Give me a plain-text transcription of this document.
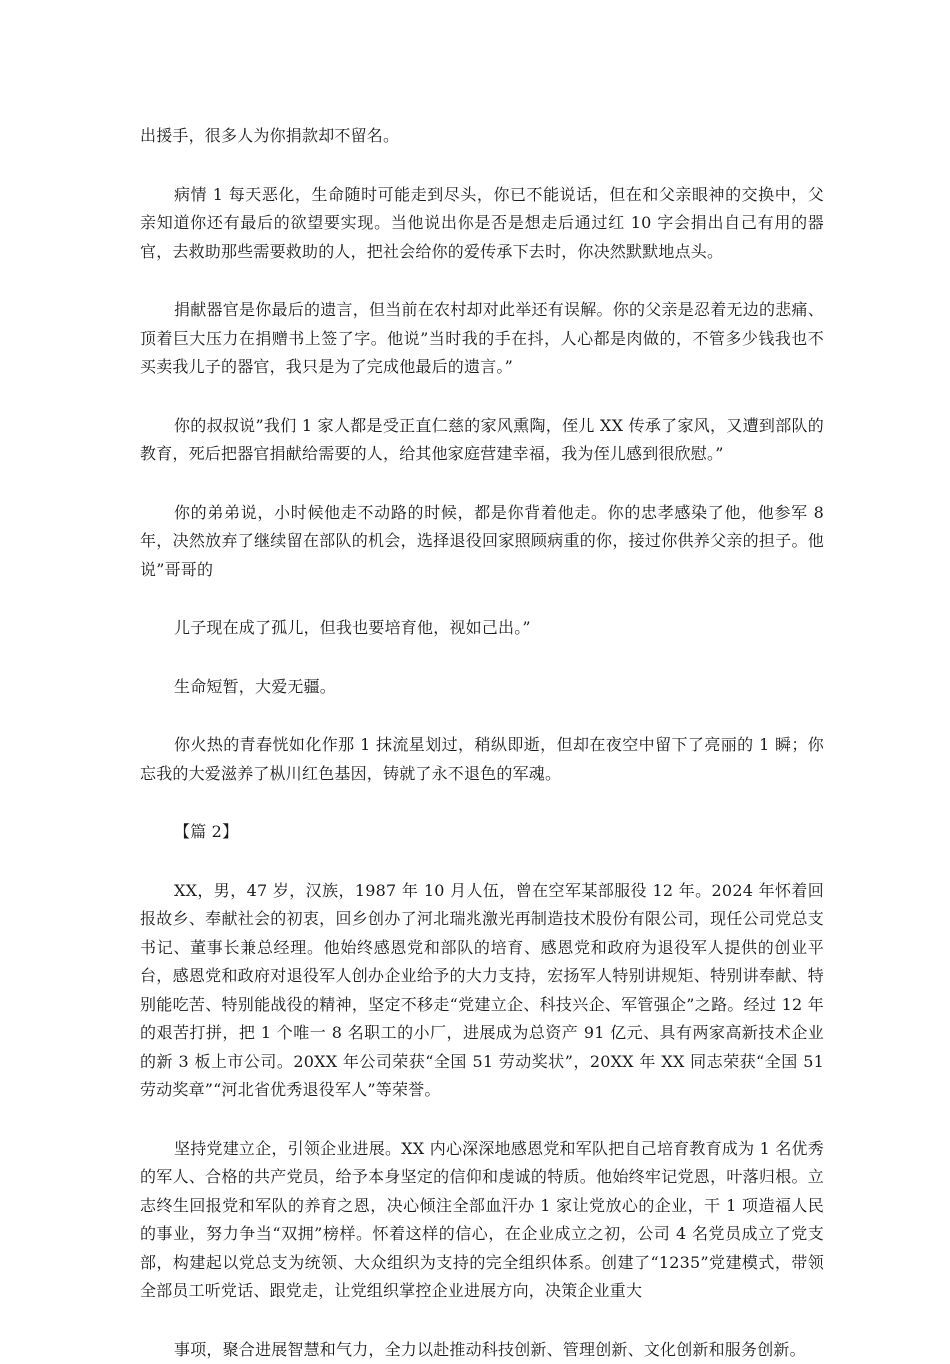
出援手，很多人为你捐款却不留名。

病情 1 每天恶化，生命随时可能走到尽头，你已不能说话，但在和父亲眼神的交换中，父亲知道你还有最后的欲望要实现。当他说出你是否是想走后通过红 10 字会捐出自己有用的器官，去救助那些需要救助的人，把社会给你的爱传承下去时，你决然默默地点头。

捐献器官是你最后的遗言，但当前在农村却对此举还有误解。你的父亲是忍着无边的悲痛、顶着巨大压力在捐赠书上签了字。他说”当时我的手在抖，人心都是肉做的，不管多少钱我也不买卖我儿子的器官，我只是为了完成他最后的遗言。”

你的叔叔说”我们 1 家人都是受正直仁慈的家风熏陶，侄儿 XX 传承了家风，又遭到部队的教育，死后把器官捐献给需要的人，给其他家庭营建幸福，我为侄儿感到很欣慰。”

你的弟弟说，小时候他走不动路的时候，都是你背着他走。你的忠孝感染了他，他参军 8 年，决然放弃了继续留在部队的机会，选择退役回家照顾病重的你，接过你供养父亲的担子。他说”哥哥的

儿子现在成了孤儿，但我也要培育他，视如己出。”

生命短暂，大爱无疆。

你火热的青春恍如化作那 1 抹流星划过，稍纵即逝，但却在夜空中留下了亮丽的 1 瞬；你忘我的大爱滋养了枞川红色基因，铸就了永不退色的军魂。

【篇 2】

XX，男，47 岁，汉族，1987 年 10 月人伍，曾在空军某部服役 12 年。2024 年怀着回报故乡、奉献社会的初衷，回乡创办了河北瑞兆激光再制造技术股份有限公司，现任公司党总支书记、董事长兼总经理。他始终感恩党和部队的培育、感恩党和政府为退役军人提供的创业平台，感恩党和政府对退役军人创办企业给予的大力支持，宏扬军人特别讲规矩、特别讲奉献、特别能吃苦、特别能战役的精神，坚定不移走“党建立企、科技兴企、军管强企”之路。经过 12 年的艰苦打拼，把 1 个唯一 8 名职工的小厂，进展成为总资产 91 亿元、具有两家高新技术企业的新 3 板上市公司。20XX 年公司荣获“全国 51 劳动奖状”，20XX 年 XX 同志荣获“全国 51 劳动奖章”“河北省优秀退役军人”等荣誉。

坚持党建立企，引领企业进展。XX 内心深深地感恩党和军队把自己培育教育成为 1 名优秀的军人、合格的共产党员，给予本身坚定的信仰和虔诚的特质。他始终牢记党恩，叶落归根。立志终生回报党和军队的养育之恩，决心倾注全部血汗办 1 家让党放心的企业，干 1 项造福人民的事业，努力争当“双拥”榜样。怀着这样的信心，在企业成立之初，公司 4 名党员成立了党支部，构建起以党总支为统领、大众组织为支持的完全组织体系。创建了“1235”党建模式，带领全部员工听党话、跟党走，让党组织掌控企业进展方向，决策企业重大

事项，聚合进展智慧和气力，全力以赴推动科技创新、管理创新、文化创新和服务创新。
